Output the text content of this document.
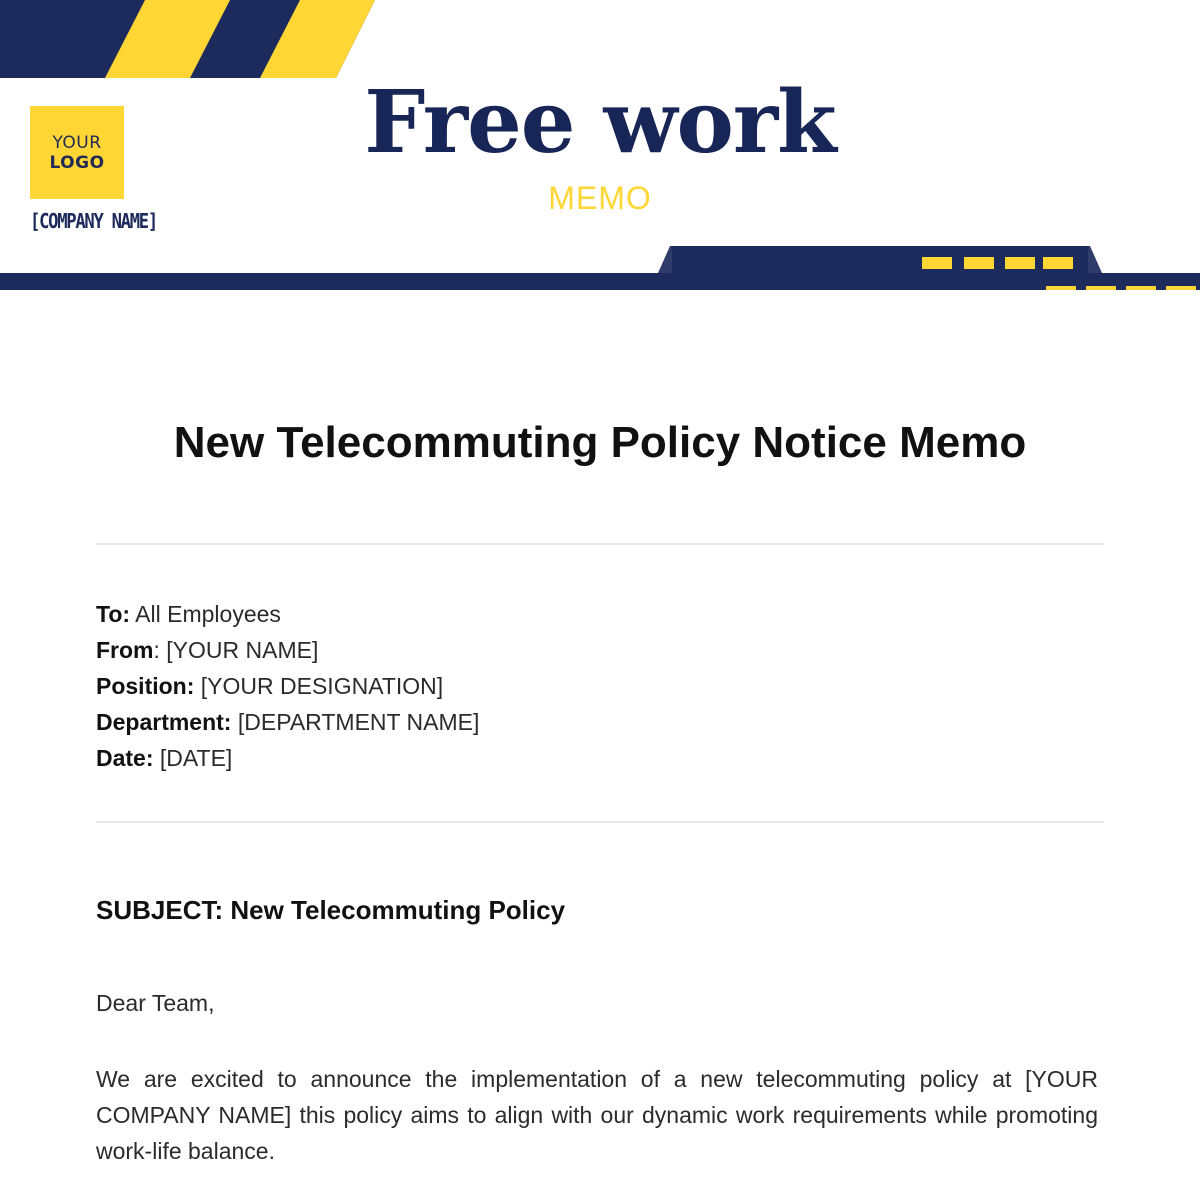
YOUR
LOGO
[COMPANY NAME]
Free work
MEMO
New Telecommuting Policy Notice Memo
To: All Employees
From: [YOUR NAME]
Position: [YOUR DESIGNATION]
Department: [DEPARTMENT NAME]
Date: [DATE]
SUBJECT: New Telecommuting Policy
Dear Team,
We are excited to announce the implementation of a new telecommuting policy at [YOUR COMPANY NAME] this policy aims to align with our dynamic work requirements while promoting work-life balance.
